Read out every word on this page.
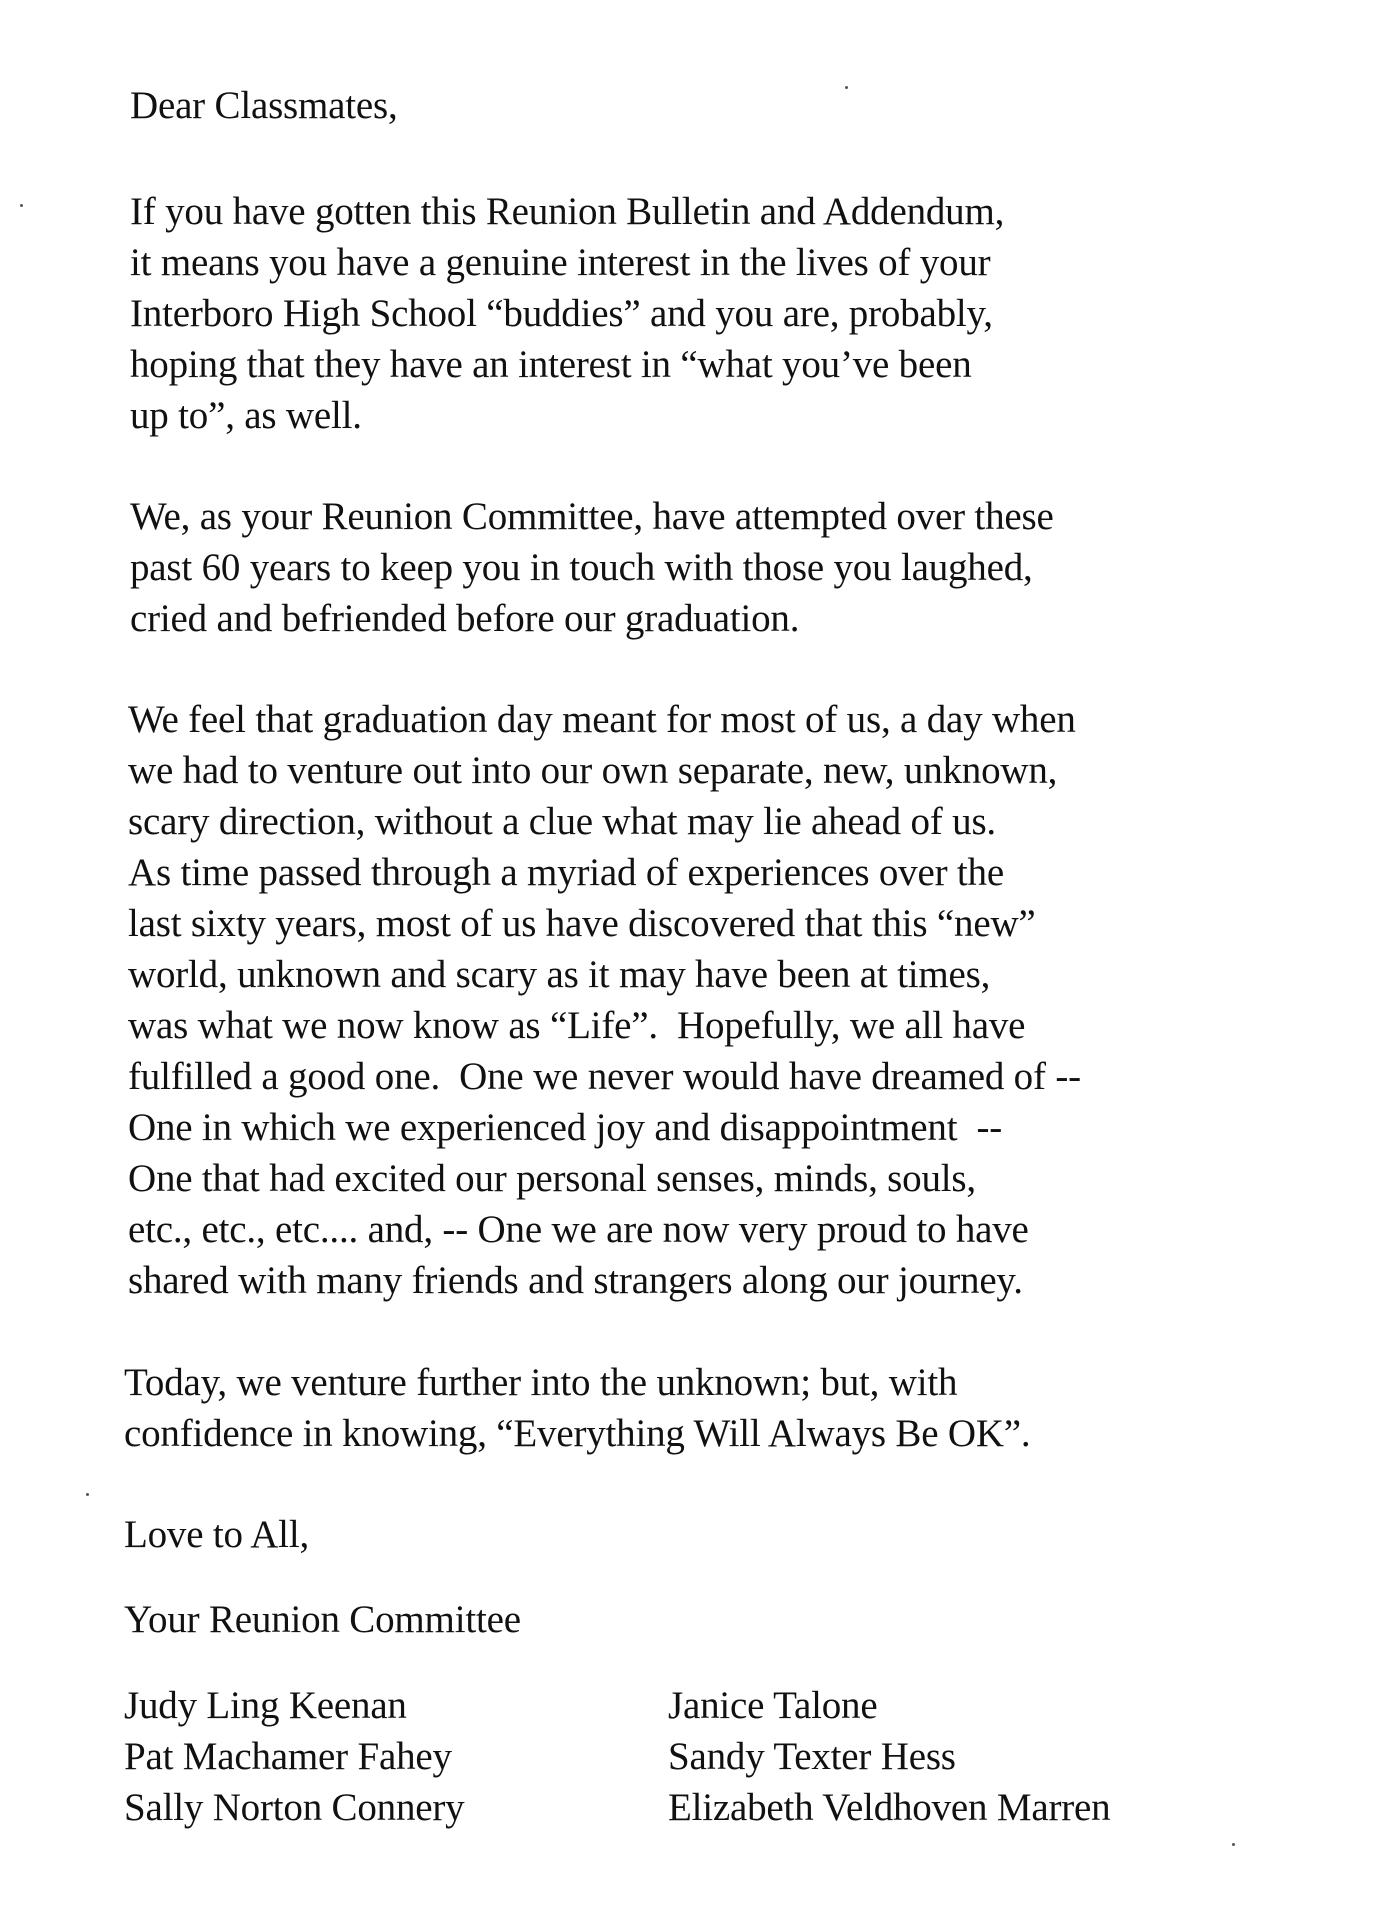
Dear Classmates,
If you have gotten this Reunion Bulletin and Addendum,
it means you have a genuine interest in the lives of your
Interboro High School “buddies” and you are, probably,
hoping that they have an interest in “what you’ve been
up to”, as well.
We, as your Reunion Committee, have attempted over these
past 60 years to keep you in touch with those you laughed,
cried and befriended before our graduation.
We feel that graduation day meant for most of us, a day when
we had to venture out into our own separate, new, unknown,
scary direction, without a clue what may lie ahead of us.
As time passed through a myriad of experiences over the
last sixty years, most of us have discovered that this “new”
world, unknown and scary as it may have been at times,
was what we now know as “Life”.  Hopefully, we all have
fulfilled a good one.  One we never would have dreamed of --
One in which we experienced joy and disappointment  --
One that had excited our personal senses, minds, souls,
etc., etc., etc.... and, -- One we are now very proud to have
shared with many friends and strangers along our journey.
Today, we venture further into the unknown; but, with
confidence in knowing, “Everything Will Always Be OK”.
Love to All,
Your Reunion Committee
Judy Ling Keenan
Pat Machamer Fahey
Sally Norton Connery
Janice Talone
Sandy Texter Hess
Elizabeth Veldhoven Marren
